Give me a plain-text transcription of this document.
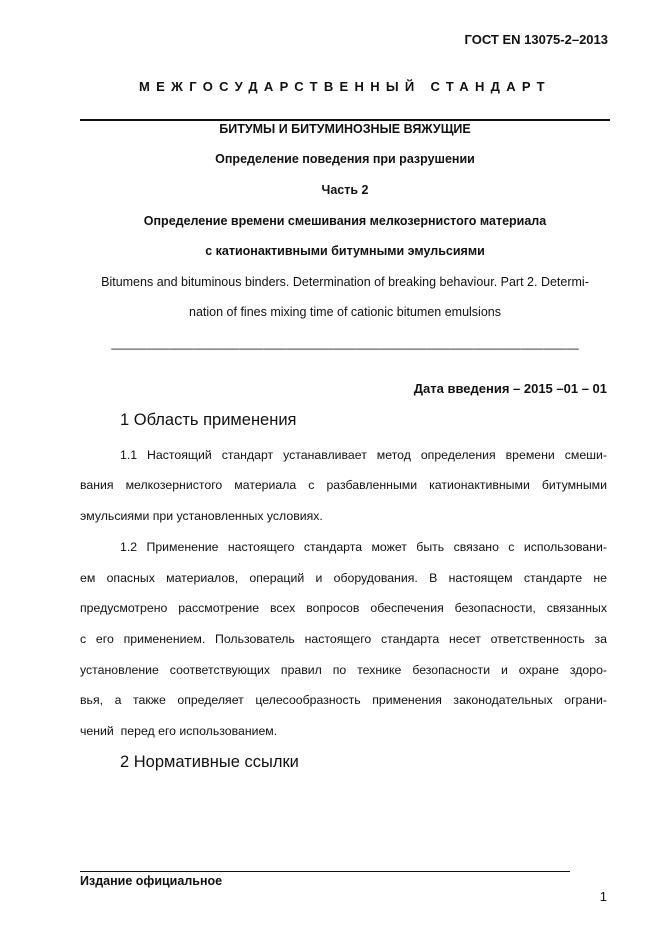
ГОСТ EN 13075-2–2013
МЕЖГОСУДАРСТВЕННЫЙ СТАНДАРТ
БИТУМЫ И БИТУМИНОЗНЫЕ ВЯЖУЩИЕ
Определение поведения при разрушении
Часть 2
Определение времени смешивания мелкозернистого материала
с катионактивными битумными эмульсиями
Bitumens and bituminous binders. Determination of breaking behaviour. Part 2. Determi-
nation of fines mixing time of cationic bitumen emulsions
————————————————————————————————————————
Дата введения – 2015 –01 – 01
1 Область применения
1.1 Настоящий стандарт устанавливает метод определения времени смеши-
вания мелкозернистого материала с разбавленными катионактивными битумными
эмульсиями при установленных условиях.
1.2 Применение настоящего стандарта может быть связано с использовани-
ем опасных материалов, операций и оборудования. В настоящем стандарте не
предусмотрено рассмотрение всех вопросов обеспечения безопасности, связанных
с его применением. Пользователь настоящего стандарта несет ответственность за
установление соответствующих правил по технике безопасности и охране здоро-
вья, а также определяет целесообразность применения законодательных ограни-
чений  перед его использованием.
2 Нормативные ссылки
Издание официальное
1
